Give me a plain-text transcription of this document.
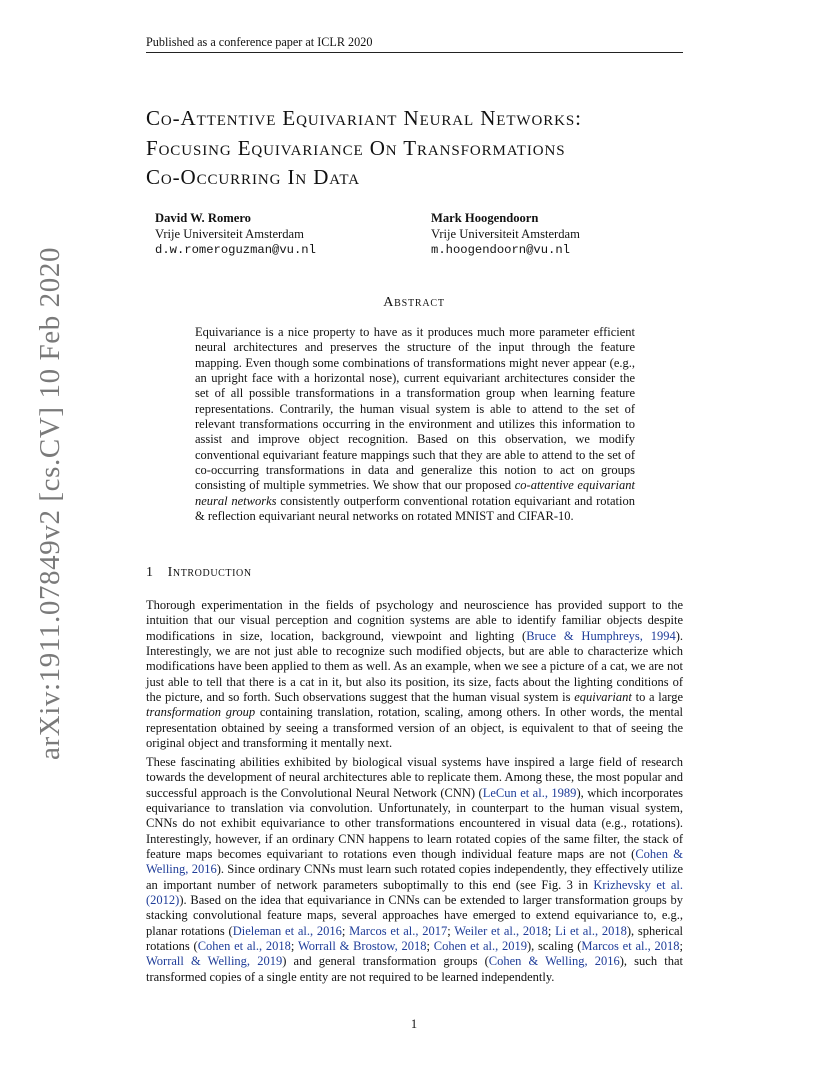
Published as a conference paper at ICLR 2020
Co-Attentive Equivariant Neural Networks:
Focusing Equivariance On Transformations
Co-Occurring In Data
David W. Romero
Vrije Universiteit Amsterdam
d.w.romeroguzman@vu.nl
Mark Hoogendoorn
Vrije Universiteit Amsterdam
m.hoogendoorn@vu.nl
Abstract
Equivariance is a nice property to have as it produces much more parameter efficient neural architectures and preserves the structure of the input through the feature mapping. Even though some combinations of transformations might never appear (e.g., an upright face with a horizontal nose), current equivariant architectures consider the set of all possible transformations in a transformation group when learning feature representations. Contrarily, the human visual system is able to attend to the set of relevant transformations occurring in the environment and utilizes this information to assist and improve object recognition. Based on this observation, we modify conventional equivariant feature mappings such that they are able to attend to the set of co-occurring transformations in data and generalize this notion to act on groups consisting of multiple symmetries. We show that our proposed co-attentive equivariant neural networks consistently outperform conventional rotation equivariant and rotation & reflection equivariant neural networks on rotated MNIST and CIFAR-10.
1 Introduction
Thorough experimentation in the fields of psychology and neuroscience has provided support to the intuition that our visual perception and cognition systems are able to identify familiar objects despite modifications in size, location, background, viewpoint and lighting (Bruce & Humphreys, 1994). Interestingly, we are not just able to recognize such modified objects, but are able to characterize which modifications have been applied to them as well. As an example, when we see a picture of a cat, we are not just able to tell that there is a cat in it, but also its position, its size, facts about the lighting conditions of the picture, and so forth. Such observations suggest that the human visual system is equivariant to a large transformation group containing translation, rotation, scaling, among others. In other words, the mental representation obtained by seeing a transformed version of an object, is equivalent to that of seeing the original object and transforming it mentally next.
These fascinating abilities exhibited by biological visual systems have inspired a large field of research towards the development of neural architectures able to replicate them. Among these, the most popular and successful approach is the Convolutional Neural Network (CNN) (LeCun et al., 1989), which incorporates equivariance to translation via convolution. Unfortunately, in counterpart to the human visual system, CNNs do not exhibit equivariance to other transformations encountered in visual data (e.g., rotations). Interestingly, however, if an ordinary CNN happens to learn rotated copies of the same filter, the stack of feature maps becomes equivariant to rotations even though individual feature maps are not (Cohen & Welling, 2016). Since ordinary CNNs must learn such rotated copies independently, they effectively utilize an important number of network parameters suboptimally to this end (see Fig. 3 in Krizhevsky et al. (2012)). Based on the idea that equivariance in CNNs can be extended to larger transformation groups by stacking convolutional feature maps, several approaches have emerged to extend equivariance to, e.g., planar rotations (Dieleman et al., 2016; Marcos et al., 2017; Weiler et al., 2018; Li et al., 2018), spherical rotations (Cohen et al., 2018; Worrall & Brostow, 2018; Cohen et al., 2019), scaling (Marcos et al., 2018; Worrall & Welling, 2019) and general transformation groups (Cohen & Welling, 2016), such that transformed copies of a single entity are not required to be learned independently.
1
arXiv:1911.07849v2 [cs.CV] 10 Feb 2020
